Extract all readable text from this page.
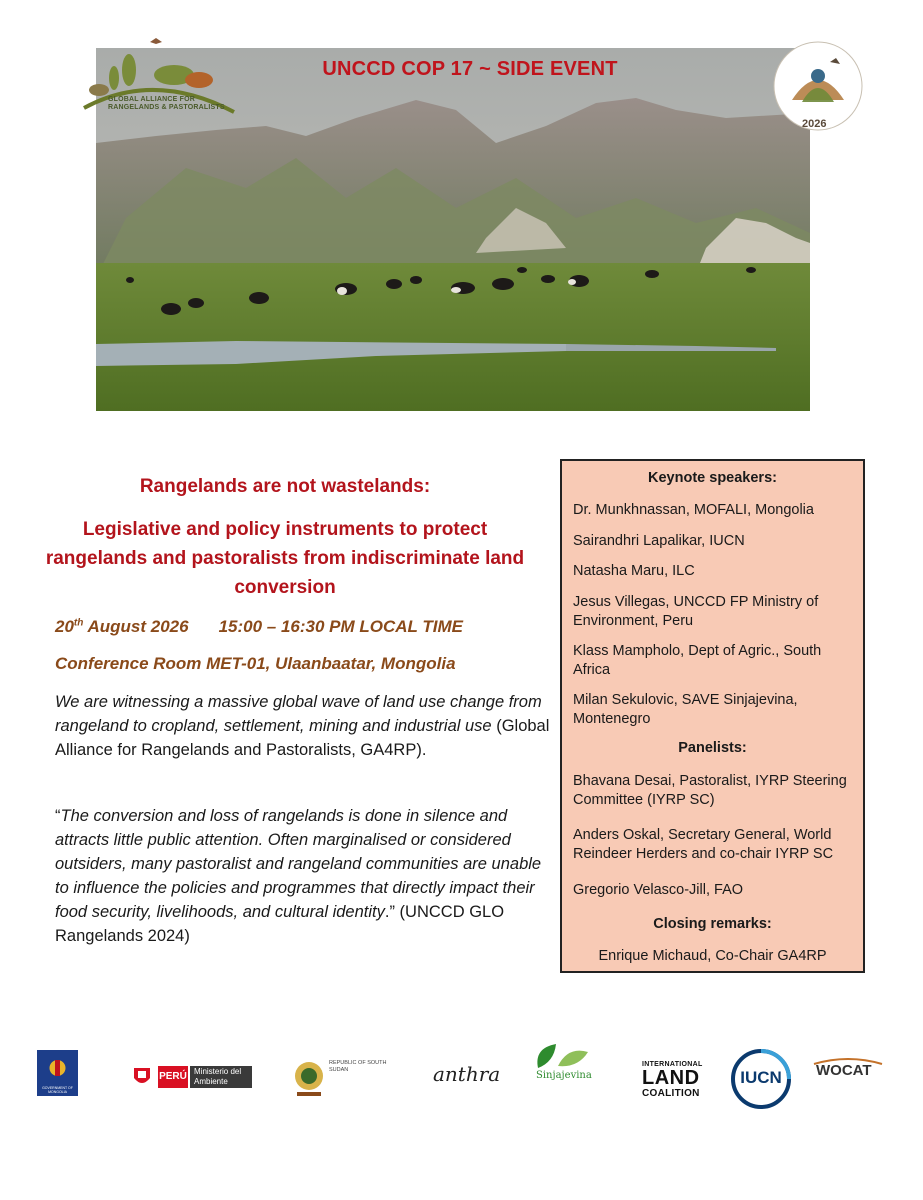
GLOBAL ALLIANCE FOR RANGELANDS & PASTORALISTS
UNCCD COP 17 ~ SIDE EVENT
2026
Rangelands are not wastelands:
Legislative and policy instruments to protect rangelands and pastoralists from indiscriminate land conversion
20th August 2026 15:00 – 16:30 PM LOCAL TIME
Conference Room MET-01, Ulaanbaatar, Mongolia
We are witnessing a massive global wave of land use change from rangeland to cropland, settlement, mining and industrial use (Global Alliance for Rangelands and Pastoralists, GA4RP).
“The conversion and loss of rangelands is done in silence and attracts little public attention. Often marginalised or considered outsiders, many pastoralist and rangeland communities are unable to influence the policies and programmes that directly impact their food security, livelihoods, and cultural identity.” (UNCCD GLO Rangelands 2024)
Keynote speakers:
Dr. Munkhnassan, MOFALI, Mongolia
Sairandhri Lapalikar, IUCN
Natasha Maru, ILC
Jesus Villegas, UNCCD FP Ministry of Environment, Peru
Klass Mampholo, Dept of Agric., South Africa
Milan Sekulovic, SAVE Sinjajevina, Montenegro
Panelists:
Bhavana Desai, Pastoralist, IYRP Steering Committee (IYRP SC)
Anders Oskal, Secretary General, World Reindeer Herders and co-chair IYRP SC
Gregorio Velasco-Jill, FAO
Closing remarks:
Enrique Michaud, Co-Chair GA4RP
GOVERNMENT OF MONGOLIA
PERÚ Ministerio del Ambiente
REPUBLIC OF SOUTH SUDAN	anthra	Sinjajevina
INTERNATIONAL
LAND
COALITION
IUCN	WOCAT
